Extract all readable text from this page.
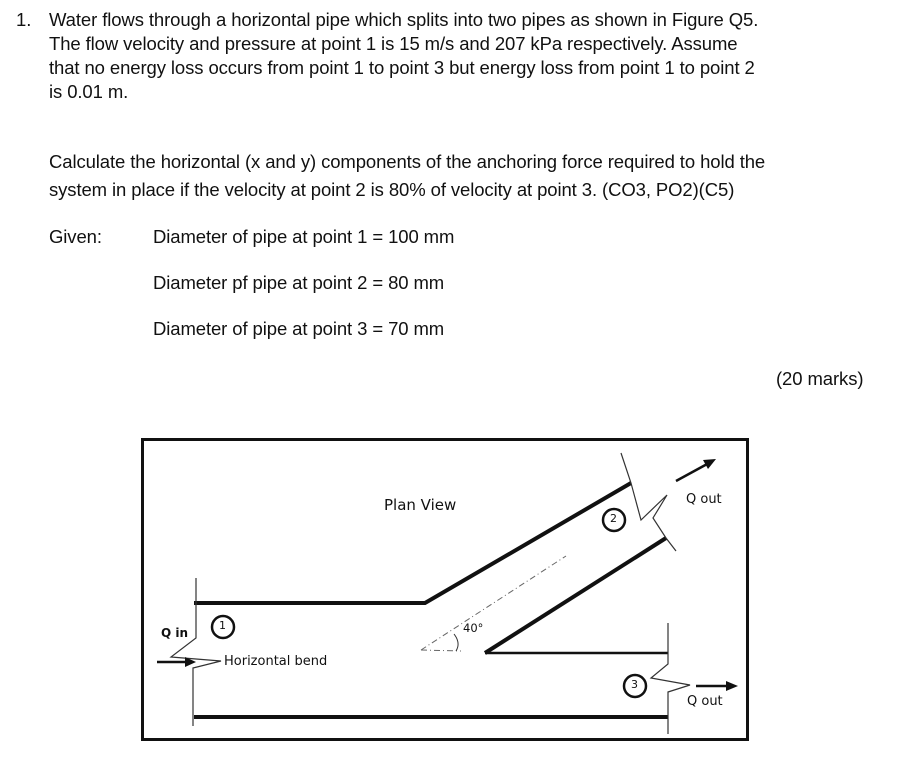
1. Water flows through a horizontal pipe which splits into two pipes as shown in Figure Q5.
The flow velocity and pressure at point 1 is 15 m/s and 207 kPa respectively. Assume
that no energy loss occurs from point 1 to point 3 but energy loss from point 1 to point 2
is 0.01 m.
Calculate the horizontal (x and y) components of the anchoring force required to hold the
system in place if the velocity at point 2 is 80% of velocity at point 3. (CO3, PO2)(C5)
Given:	Diameter of pipe at point 1 = 100 mm
Diameter pf pipe at point 2 = 80 mm
Diameter of pipe at point 3 = 70 mm
(20 marks)
Plan View
Q in
Horizontal bend
40°
Q out
Q out
1
2
3
